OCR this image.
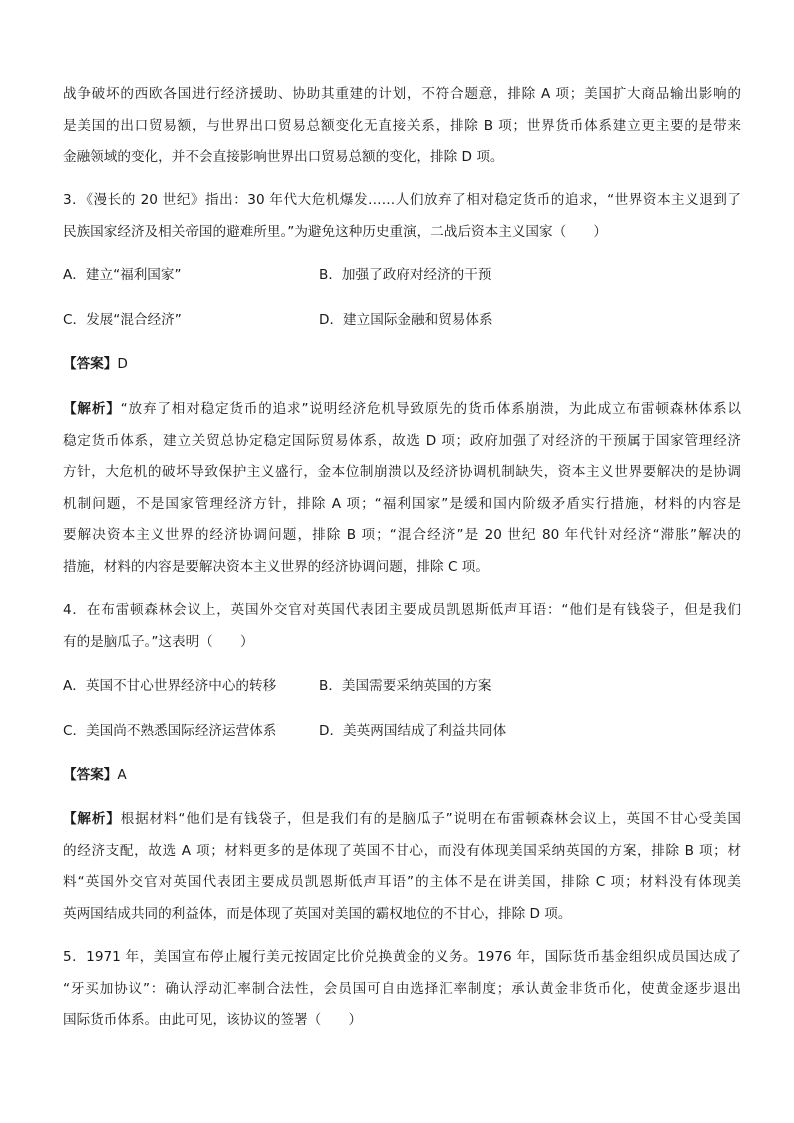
战争破坏的西欧各国进行经济援助、协助其重建的计划，不符合题意，排除 A 项；美国扩大商品输出影响的
是美国的出口贸易额，与世界出口贸易总额变化无直接关系，排除 B 项；世界货币体系建立更主要的是带来
金融领域的变化，并不会直接影响世界出口贸易总额的变化，排除 D 项。
3．《漫长的 20 世纪》指出：30 年代大危机爆发……人们放弃了相对稳定货币的追求，“世界资本主义退到了
民族国家经济及相关帝国的避难所里。”为避免这种历史重演，二战后资本主义国家（　　）
A．建立“福利国家”	B．加强了政府对经济的干预
C．发展“混合经济”	D．建立国际金融和贸易体系
【答案】D
【解析】“放弃了相对稳定货币的追求”说明经济危机导致原先的货币体系崩溃，为此成立布雷顿森林体系以
稳定货币体系，建立关贸总协定稳定国际贸易体系，故选 D 项；政府加强了对经济的干预属于国家管理经济
方针，大危机的破坏导致保护主义盛行，金本位制崩溃以及经济协调机制缺失，资本主义世界要解决的是协调
机制问题，不是国家管理经济方针，排除 A 项；“福利国家”是缓和国内阶级矛盾实行措施，材料的内容是
要解决资本主义世界的经济协调问题，排除 B 项；“混合经济”是 20 世纪 80 年代针对经济“滞胀”解决的
措施，材料的内容是要解决资本主义世界的经济协调问题，排除 C 项。
4．在布雷顿森林会议上，英国外交官对英国代表团主要成员凯恩斯低声耳语：“他们是有钱袋子，但是我们
有的是脑瓜子。”这表明（　　）
A．英国不甘心世界经济中心的转移	B．美国需要采纳英国的方案
C．美国尚不熟悉国际经济运营体系	D．美英两国结成了利益共同体
【答案】A
【解析】根据材料“他们是有钱袋子，但是我们有的是脑瓜子”说明在布雷顿森林会议上，英国不甘心受美国
的经济支配，故选 A 项；材料更多的是体现了英国不甘心，而没有体现美国采纳英国的方案，排除 B 项；材
料“英国外交官对英国代表团主要成员凯恩斯低声耳语”的主体不是在讲美国，排除 C 项；材料没有体现美
英两国结成共同的利益体，而是体现了英国对美国的霸权地位的不甘心，排除 D 项。
5．1971 年，美国宣布停止履行美元按固定比价兑换黄金的义务。1976 年，国际货币基金组织成员国达成了
“牙买加协议”：确认浮动汇率制合法性，会员国可自由选择汇率制度；承认黄金非货币化，使黄金逐步退出
国际货币体系。由此可见，该协议的签署（　　）
